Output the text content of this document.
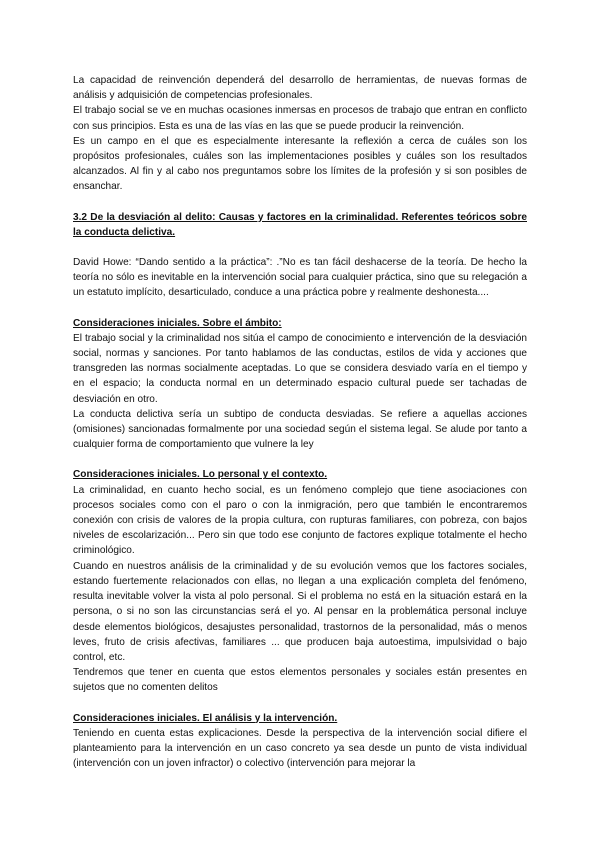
La capacidad de reinvención dependerá del desarrollo de herramientas, de nuevas formas de análisis y adquisición de competencias profesionales.

El trabajo social se ve en muchas ocasiones inmersas en procesos de trabajo que entran en conflicto con sus principios. Esta es una de las vías en las que se puede producir la reinvención.

Es un campo en el que es especialmente interesante la reflexión a cerca de cuáles son los propósitos profesionales, cuáles son las implementaciones posibles y cuáles son los resultados alcanzados. Al fin y al cabo nos preguntamos sobre los límites de la profesión y si son posibles de ensanchar.

3.2 De la desviación al delito: Causas y factores en la criminalidad. Referentes teóricos sobre la conducta delictiva.

David Howe: “Dando sentido a la práctica”: .”No es tan fácil deshacerse de la teoría. De hecho la teoría no sólo es inevitable en la intervención social para cualquier práctica, sino que su relegación a un estatuto implícito, desarticulado, conduce a una práctica pobre y realmente deshonesta....

Consideraciones iniciales. Sobre el ámbito:

El trabajo social y la criminalidad nos sitúa el campo de conocimiento e intervención de la desviación social, normas y sanciones. Por tanto hablamos de las conductas, estilos de vida y acciones que transgreden las normas socialmente aceptadas. Lo que se considera desviado varía en el tiempo y en el espacio; la conducta normal en un determinado espacio cultural puede ser tachadas de desviación en otro.

La conducta delictiva sería un subtipo de conducta desviadas. Se refiere a aquellas acciones (omisiones) sancionadas formalmente por una sociedad según el sistema legal. Se alude por tanto a cualquier forma de comportamiento que vulnere la ley

Consideraciones iniciales. Lo personal y el contexto.

La criminalidad, en cuanto hecho social, es un fenómeno complejo que tiene asociaciones con procesos sociales como con el paro o con la inmigración, pero que también le encontraremos conexión con crisis de valores de la propia cultura, con rupturas familiares, con pobreza, con bajos niveles de escolarización... Pero sin que todo ese conjunto de factores explique totalmente el hecho criminológico.

Cuando en nuestros análisis de la criminalidad y de su evolución vemos que los factores sociales, estando fuertemente relacionados con ellas, no llegan a una explicación completa del fenómeno, resulta inevitable volver la vista al polo personal. Si el problema no está en la situación estará en la persona, o si no son las circunstancias será el yo. Al pensar en la problemática personal incluye desde elementos biológicos, desajustes personalidad, trastornos de la personalidad, más o menos leves, fruto de crisis afectivas, familiares ... que producen baja autoestima, impulsividad o bajo control, etc.

Tendremos que tener en cuenta que estos elementos personales y sociales están presentes en sujetos que no comenten delitos

Consideraciones iniciales. El análisis y la intervención.

Teniendo en cuenta estas explicaciones. Desde la perspectiva de la intervención social difiere el planteamiento para la intervención en un caso concreto ya sea desde un punto de vista individual (intervención con un joven infractor) o colectivo (intervención para mejorar la
